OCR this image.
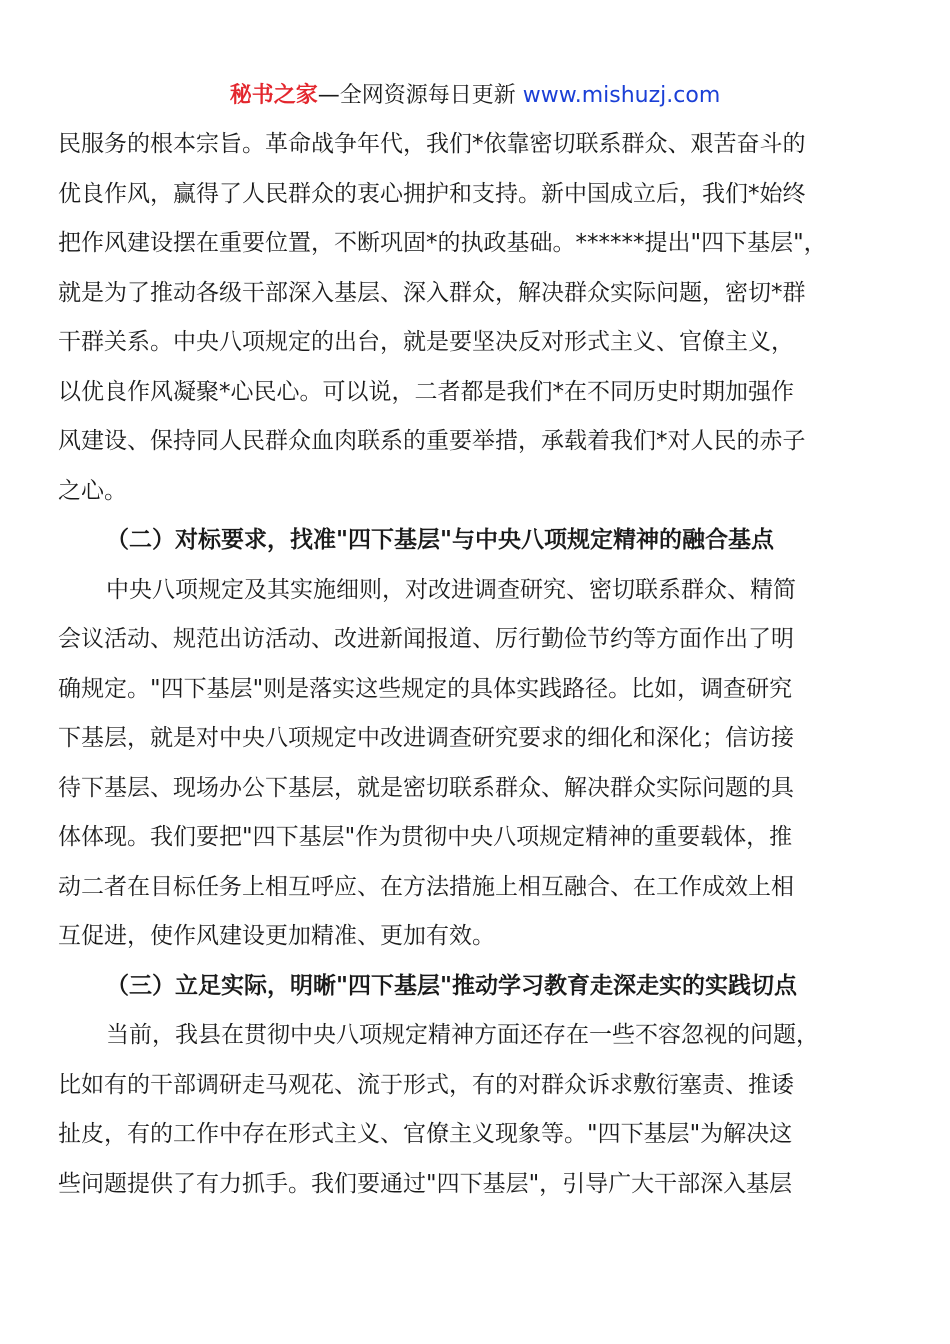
秘书之家—全网资源每日更新 www.mishuzj.com
民服务的根本宗旨。革命战争年代，我们*依靠密切联系群众、艰苦奋斗的
优良作风，赢得了人民群众的衷心拥护和支持。新中国成立后，我们*始终
把作风建设摆在重要位置，不断巩固*的执政基础。******提出"四下基层"，
就是为了推动各级干部深入基层、深入群众，解决群众实际问题，密切*群
干群关系。中央八项规定的出台，就是要坚决反对形式主义、官僚主义，
以优良作风凝聚*心民心。可以说，二者都是我们*在不同历史时期加强作
风建设、保持同人民群众血肉联系的重要举措，承载着我们*对人民的赤子
之心。
（二）对标要求，找准"四下基层"与中央八项规定精神的融合基点
中央八项规定及其实施细则，对改进调查研究、密切联系群众、精简
会议活动、规范出访活动、改进新闻报道、厉行勤俭节约等方面作出了明
确规定。"四下基层"则是落实这些规定的具体实践路径。比如，调查研究
下基层，就是对中央八项规定中改进调查研究要求的细化和深化；信访接
待下基层、现场办公下基层，就是密切联系群众、解决群众实际问题的具
体体现。我们要把"四下基层"作为贯彻中央八项规定精神的重要载体，推
动二者在目标任务上相互呼应、在方法措施上相互融合、在工作成效上相
互促进，使作风建设更加精准、更加有效。
（三）立足实际，明晰"四下基层"推动学习教育走深走实的实践切点
当前，我县在贯彻中央八项规定精神方面还存在一些不容忽视的问题，
比如有的干部调研走马观花、流于形式，有的对群众诉求敷衍塞责、推诿
扯皮，有的工作中存在形式主义、官僚主义现象等。"四下基层"为解决这
些问题提供了有力抓手。我们要通过"四下基层"，引导广大干部深入基层
